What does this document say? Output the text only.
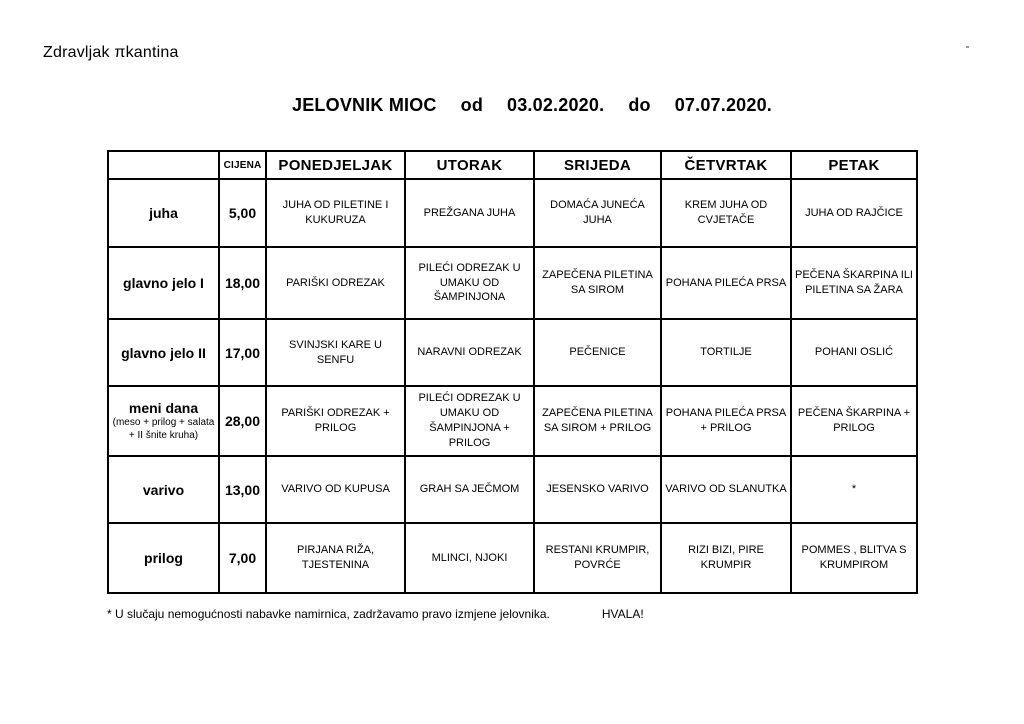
Zdravljak πkantina
JELOVNIK MIOC od 03.02.2020. do 07.07.2020.
	CIJENA	PONEDJELJAK	UTORAK	SRIJEDA	ČETVRTAK	PETAK
juha	5,00	JUHA OD PILETINE I KUKURUZA	PREŽGANA JUHA	DOMAĆA JUNEĆA JUHA	KREM JUHA OD CVJETAČE	JUHA OD RAJČICE
glavno jelo I	18,00	PARIŠKI ODREZAK	PILEĆI ODREZAK U UMAKU OD ŠAMPINJONA	ZAPEČENA PILETINA SA SIROM	POHANA PILEĆA PRSA	PEČENA ŠKARPINA ILI PILETINA SA ŽARA
glavno jelo II	17,00	SVINJSKI KARE U SENFU	NARAVNI ODREZAK	PEČENICE	TORTILJE	POHANI OSLIĆ
meni dana
(meso + prilog + salata + II šnite kruha)	28,00	PARIŠKI ODREZAK + PRILOG	PILEĆI ODREZAK U UMAKU OD ŠAMPINJONA + PRILOG	ZAPEČENA PILETINA SA SIROM + PRILOG	POHANA PILEĆA PRSA + PRILOG	PEČENA ŠKARPINA + PRILOG
varivo	13,00	VARIVO OD KUPUSA	GRAH SA JEČMOM	JESENSKO VARIVO	VARIVO OD SLANUTKA	*
prilog	7,00	PIRJANA RIŽA, TJESTENINA	MLINCI, NJOKI	RESTANI KRUMPIR, POVRĆE	RIZI BIZI, PIRE KRUMPIR	POMMES , BLITVA S KRUMPIROM
* U slučaju nemogućnosti nabavke namirnica, zadržavamo pravo izmjene jelovnika.	HVALA!
